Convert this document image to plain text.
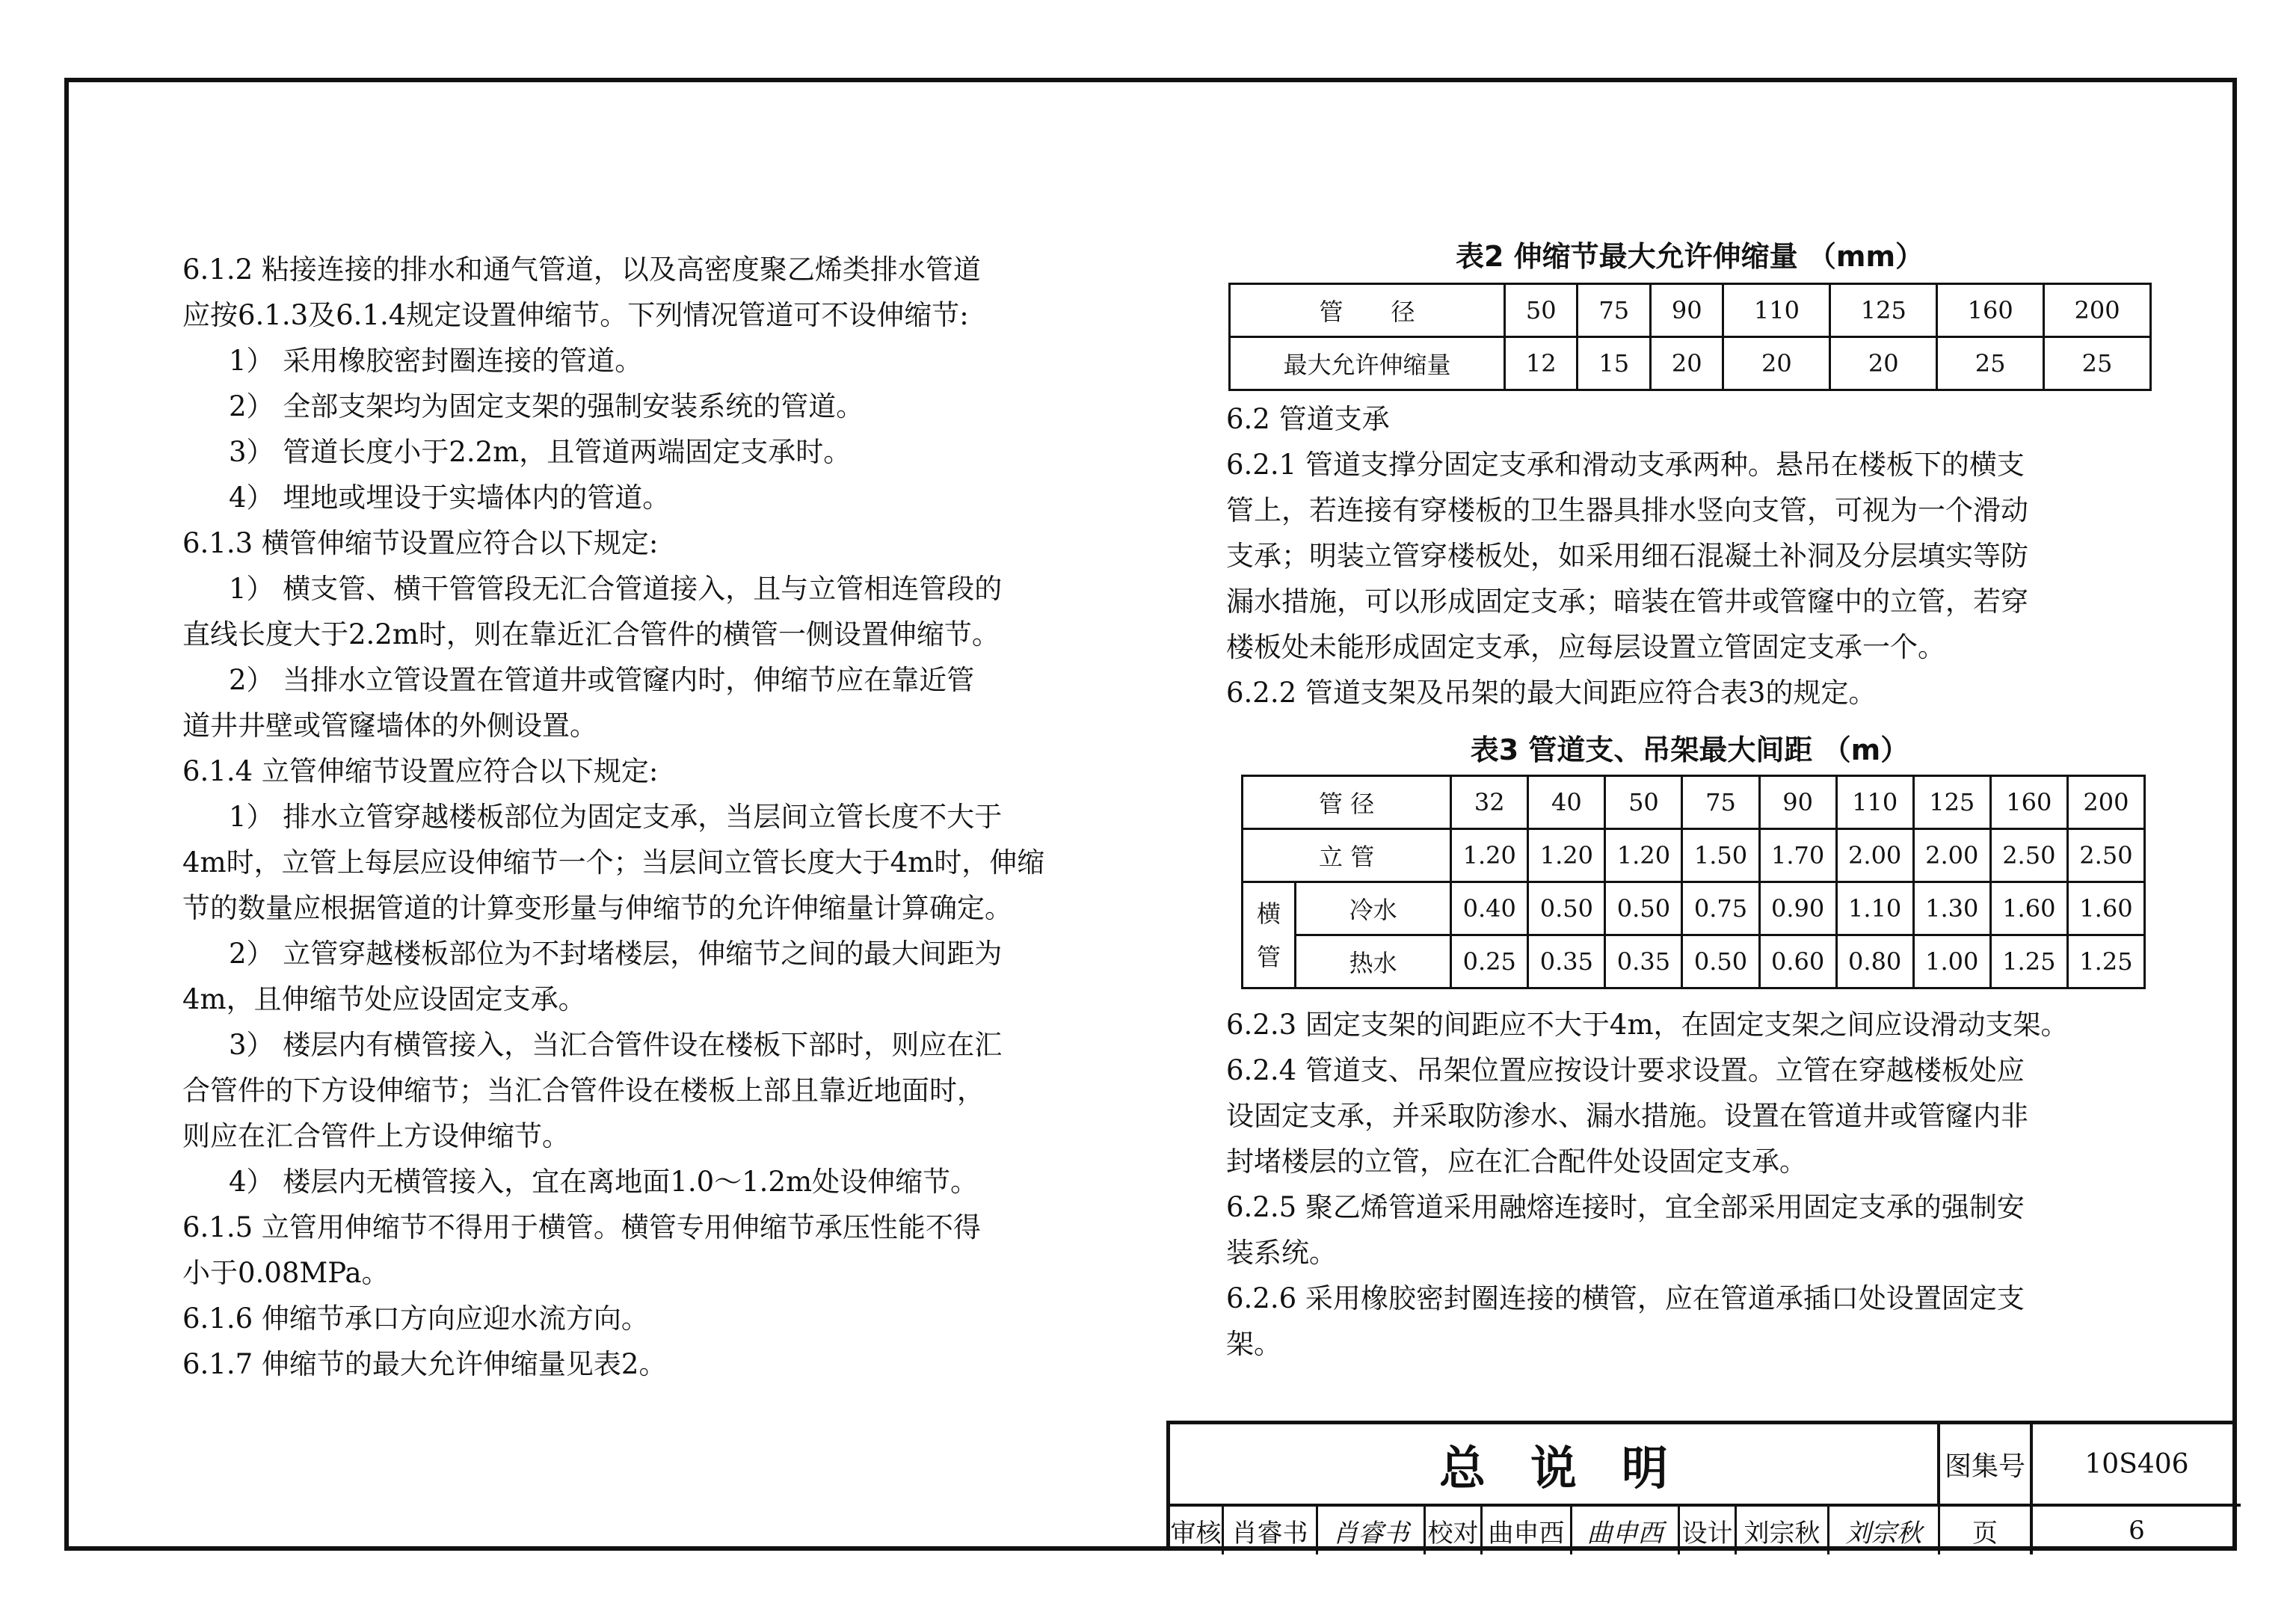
6.1.2 粘接连接的排水和通气管道，以及高密度聚乙烯类排水管道

应按6.1.3及6.1.4规定设置伸缩节。下列情况管道可不设伸缩节:

1） 采用橡胶密封圈连接的管道。

2） 全部支架均为固定支架的强制安装系统的管道。

3） 管道长度小于2.2m，且管道两端固定支承时。

4） 埋地或埋设于实墙体内的管道。

6.1.3 横管伸缩节设置应符合以下规定:

1） 横支管、横干管管段无汇合管道接入，且与立管相连管段的

直线长度大于2.2m时，则在靠近汇合管件的横管一侧设置伸缩节。

2） 当排水立管设置在管道井或管窿内时，伸缩节应在靠近管

道井井壁或管窿墙体的外侧设置。

6.1.4 立管伸缩节设置应符合以下规定:

1） 排水立管穿越楼板部位为固定支承，当层间立管长度不大于

4m时，立管上每层应设伸缩节一个；当层间立管长度大于4m时，伸缩

节的数量应根据管道的计算变形量与伸缩节的允许伸缩量计算确定。

2） 立管穿越楼板部位为不封堵楼层，伸缩节之间的最大间距为

4m，且伸缩节处应设固定支承。

3） 楼层内有横管接入，当汇合管件设在楼板下部时，则应在汇

合管件的下方设伸缩节；当汇合管件设在楼板上部且靠近地面时，

则应在汇合管件上方设伸缩节。

4） 楼层内无横管接入，宜在离地面1.0～1.2m处设伸缩节。

6.1.5 立管用伸缩节不得用于横管。横管专用伸缩节承压性能不得

小于0.08MPa。

6.1.6 伸缩节承口方向应迎水流方向。

6.1.7 伸缩节的最大允许伸缩量见表2。

表2 伸缩节最大允许伸缩量 （mm）
管　　径	50	75	90	110	125	160	200
最大允许伸缩量	12	15	20	20	20	25	25

6.2 管道支承

6.2.1 管道支撑分固定支承和滑动支承两种。悬吊在楼板下的横支

管上，若连接有穿楼板的卫生器具排水竖向支管，可视为一个滑动

支承；明装立管穿楼板处，如采用细石混凝土补洞及分层填实等防

漏水措施，可以形成固定支承；暗装在管井或管窿中的立管，若穿

楼板处未能形成固定支承，应每层设置立管固定支承一个。

6.2.2 管道支架及吊架的最大间距应符合表3的规定。

表3 管道支、吊架最大间距 （m）
管 径		32	40	50	75	90	110	125	160	200
立 管		1.20	1.20	1.20	1.50	1.70	2.00	2.00	2.50	2.50
横
管	冷水	0.40	0.50	0.50	0.75	0.90	1.10	1.30	1.60	1.60
	热水	0.25	0.35	0.35	0.50	0.60	0.80	1.00	1.25	1.25

6.2.3 固定支架的间距应不大于4m，在固定支架之间应设滑动支架。

6.2.4 管道支、吊架位置应按设计要求设置。立管在穿越楼板处应

设固定支承，并采取防渗水、漏水措施。设置在管道井或管窿内非

封堵楼层的立管，应在汇合配件处设固定支承。

6.2.5 聚乙烯管道采用融熔连接时，宜全部采用固定支承的强制安

装系统。

6.2.6 采用橡胶密封圈连接的横管，应在管道承插口处设置固定支

架。

总说明	图集号	10S406
审核 肖睿书 肖睿书 校对 曲申西 曲申西 设计 刘宗秋	刘宗秋	页	6
